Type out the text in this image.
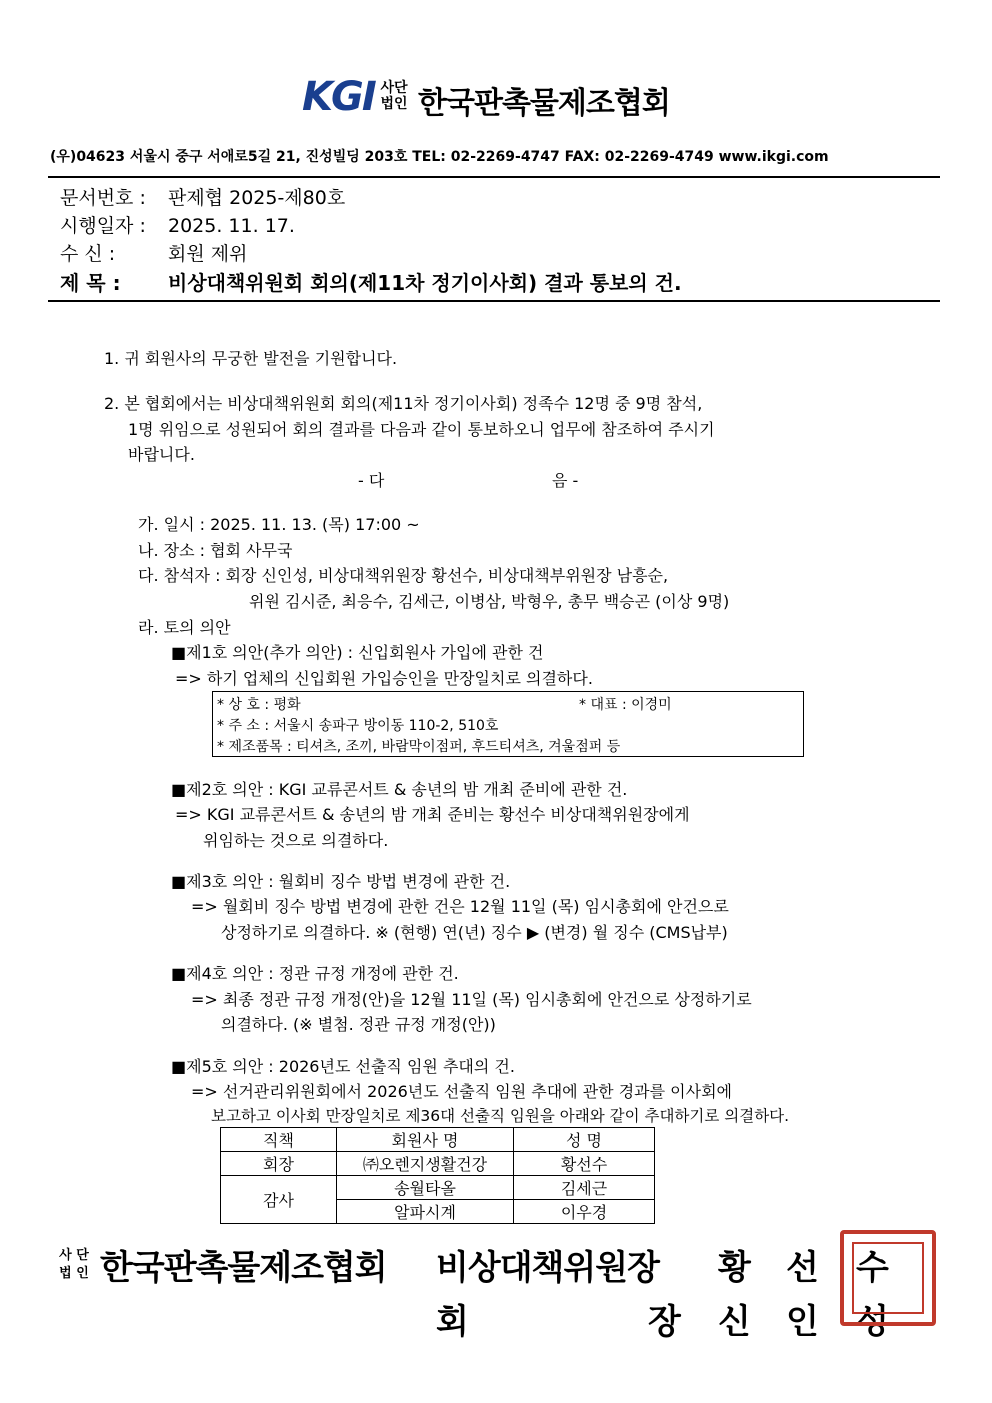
KGI 사단 법인 한국판촉물제조협회
(우)04623 서울시 중구 서애로5길 21, 진성빌딩 203호 TEL: 02-2269-4747 FAX: 02-2269-4749 www.ikgi.com
문서번호 : 판제협 2025-제80호
시행일자 : 2025. 11. 17.
수 신 :	회원 제위
제 목 : 비상대책위원회 회의(제11차 정기이사회) 결과 통보의 건.
1. 귀 회원사의 무궁한 발전을 기원합니다.
2. 본 협회에서는 비상대책위원회 회의(제11차 정기이사회) 정족수 12명 중 9명 참석,
1명 위임으로 성원되어 회의 결과를 다음과 같이 통보하오니 업무에 참조하여 주시기
바랍니다.
- 다	음 -
가. 일시 : 2025. 11. 13. (목) 17:00 ~
나. 장소 : 협회 사무국
다. 참석자 : 회장 신인성, 비상대책위원장 황선수, 비상대책부위원장 남흥순,
위원 김시준, 최응수, 김세근, 이병삼, 박형우, 총무 백승곤 (이상 9명)
라. 토의 의안
■제1호 의안(추가 의안) : 신입회원사 가입에 관한 건
=> 하기 업체의 신입회원 가입승인을 만장일치로 의결하다.
* 상 호 : 평화	* 대표 : 이경미
* 주 소 : 서울시 송파구 방이동 110-2, 510호
* 제조품목 : 티셔츠, 조끼, 바람막이점퍼, 후드티셔츠, 겨울점퍼 등
■제2호 의안 : KGI 교류콘서트 & 송년의 밤 개최 준비에 관한 건.
=> KGI 교류콘서트 & 송년의 밤 개최 준비는 황선수 비상대책위원장에게
위임하는 것으로 의결하다.
■제3호 의안 : 월회비 징수 방법 변경에 관한 건.
=> 월회비 징수 방법 변경에 관한 건은 12월 11일 (목) 임시총회에 안건으로
상정하기로 의결하다. ※ (현행) 연(년) 징수 ▶ (변경) 월 징수 (CMS납부)
■제4호 의안 : 정관 규정 개정에 관한 건.
=> 최종 정관 규정 개정(안)을 12월 11일 (목) 임시총회에 안건으로 상정하기로
의결하다. (※ 별첨. 정관 규정 개정(안))
■제5호 의안 : 2026년도 선출직 임원 추대의 건.
=> 선거관리위원회에서 2026년도 선출직 임원 추대에 관한 경과를 이사회에
보고하고 이사회 만장일치로 제36대 선출직 임원을 아래와 같이 추대하기로 의결하다.
직책	회원사 명	성 명
회장	㈜오렌지생활건강	황선수
감사	송월타올	김세근
	알파시계	이우경
사 단 법 인 한국판촉물제조협회 비상대책위원장 황 선 수
회	장 신 인 성
